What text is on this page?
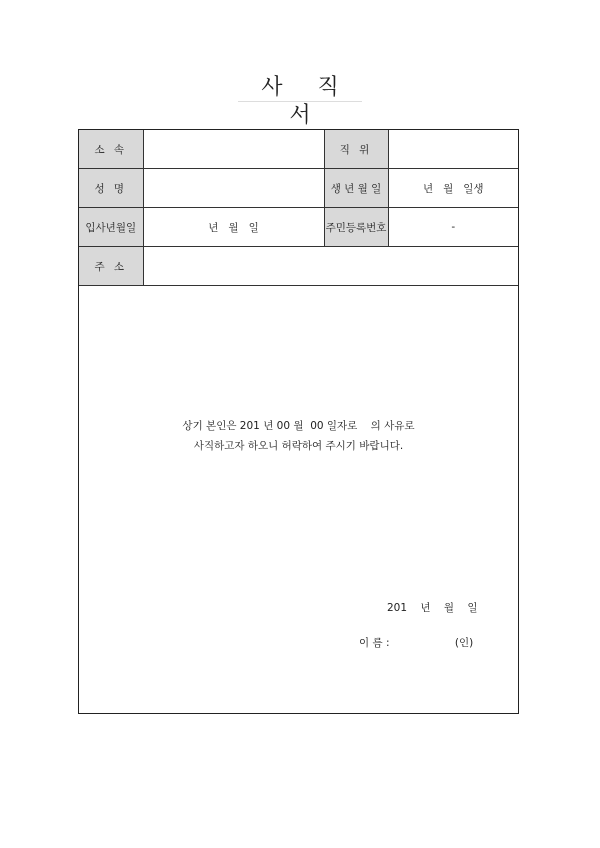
사 직 서
소 속		직 위	
성 명		생 년 월 일	년   월   일생
입사년월일	년   월   일	주민등록번호	-
주 소			
상기 본인은 201 년 00 월  00 일자로    의 사유로
사직하고자 하오니 허락하여 주시기 바랍니다.
201 년 월 일
이 름 :	(인)
